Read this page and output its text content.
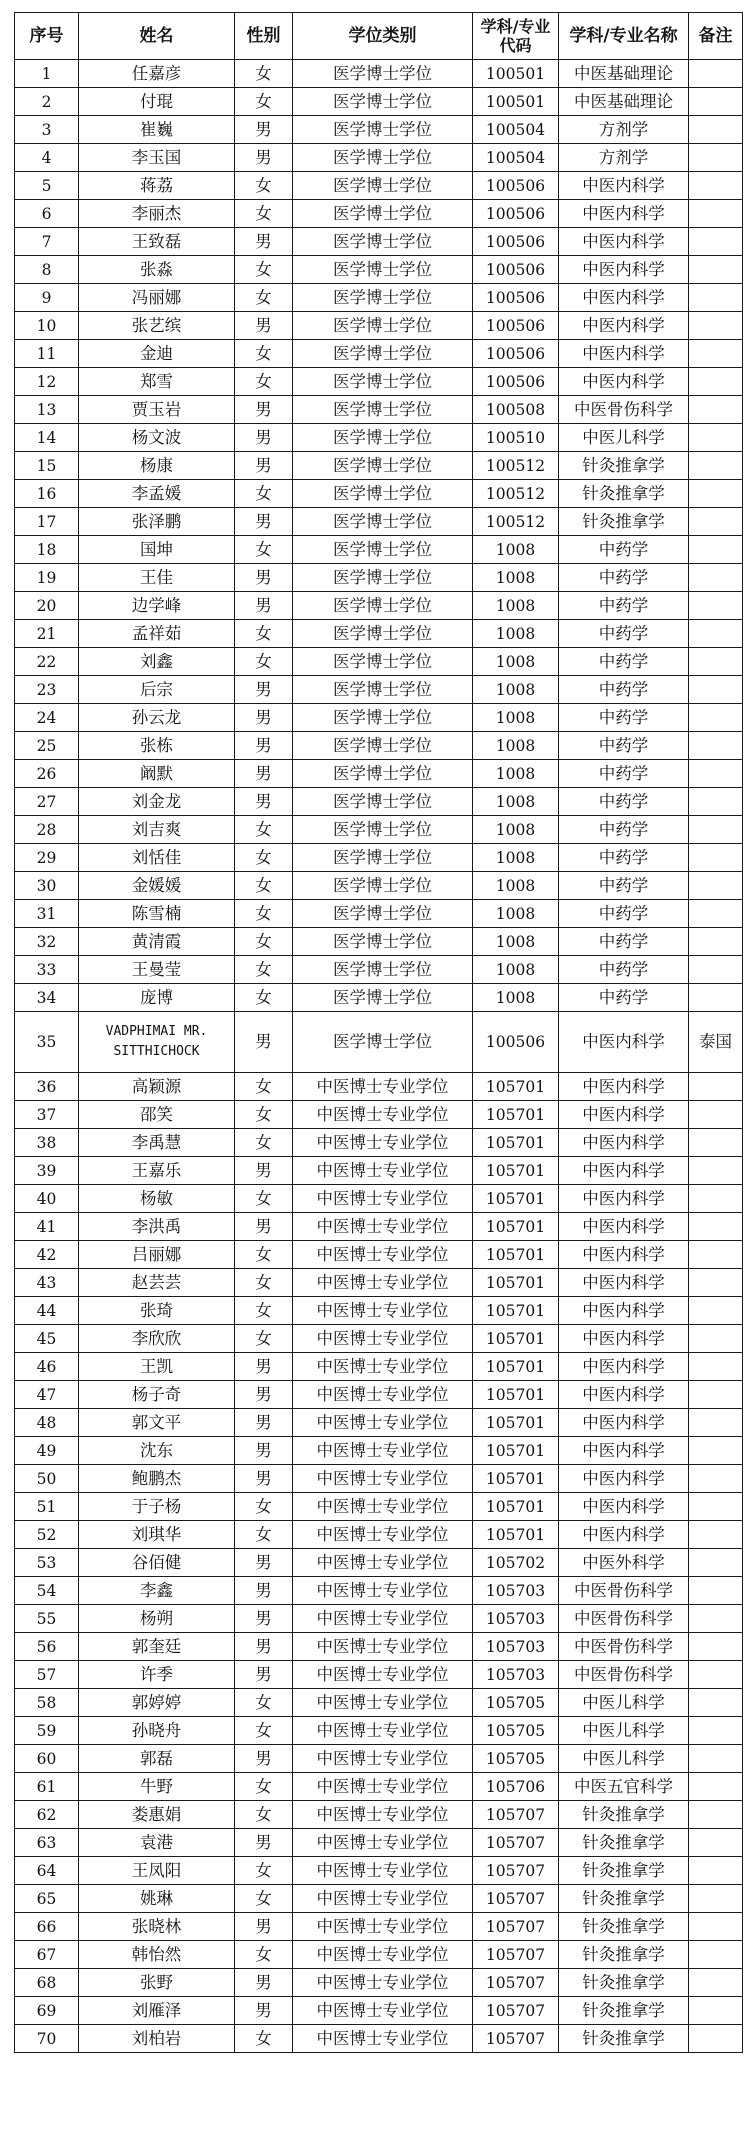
序号	姓名	性别	学位类别	学科/专业代码	学科/专业名称	备注
1	任嘉彦	女	医学博士学位	100501	中医基础理论	
2	付琨	女	医学博士学位	100501	中医基础理论	
3	崔巍	男	医学博士学位	100504	方剂学	
4	李玉国	男	医学博士学位	100504	方剂学	
5	蒋荔	女	医学博士学位	100506	中医内科学	
6	李丽杰	女	医学博士学位	100506	中医内科学	
7	王致磊	男	医学博士学位	100506	中医内科学	
8	张淼	女	医学博士学位	100506	中医内科学	
9	冯丽娜	女	医学博士学位	100506	中医内科学	
10	张艺缤	男	医学博士学位	100506	中医内科学	
11	金迪	女	医学博士学位	100506	中医内科学	
12	郑雪	女	医学博士学位	100506	中医内科学	
13	贾玉岩	男	医学博士学位	100508	中医骨伤科学	
14	杨文波	男	医学博士学位	100510	中医儿科学	
15	杨康	男	医学博士学位	100512	针灸推拿学	
16	李孟媛	女	医学博士学位	100512	针灸推拿学	
17	张泽鹏	男	医学博士学位	100512	针灸推拿学	
18	国坤	女	医学博士学位	1008	中药学	
19	王佳	男	医学博士学位	1008	中药学	
20	边学峰	男	医学博士学位	1008	中药学	
21	孟祥茹	女	医学博士学位	1008	中药学	
22	刘鑫	女	医学博士学位	1008	中药学	
23	后宗	男	医学博士学位	1008	中药学	
24	孙云龙	男	医学博士学位	1008	中药学	
25	张栋	男	医学博士学位	1008	中药学	
26	阚默	男	医学博士学位	1008	中药学	
27	刘金龙	男	医学博士学位	1008	中药学	
28	刘吉爽	女	医学博士学位	1008	中药学	
29	刘恬佳	女	医学博士学位	1008	中药学	
30	金媛媛	女	医学博士学位	1008	中药学	
31	陈雪楠	女	医学博士学位	1008	中药学	
32	黄清霞	女	医学博士学位	1008	中药学	
33	王曼莹	女	医学博士学位	1008	中药学	
34	庞博	女	医学博士学位	1008	中药学	
35	VADPHIMAI MR.
SITTHICHOCK	男	医学博士学位	100506	中医内科学	泰国
36	高颖源	女	中医博士专业学位	105701	中医内科学	
37	邵笑	女	中医博士专业学位	105701	中医内科学	
38	李禹慧	女	中医博士专业学位	105701	中医内科学	
39	王嘉乐	男	中医博士专业学位	105701	中医内科学	
40	杨敏	女	中医博士专业学位	105701	中医内科学	
41	李洪禹	男	中医博士专业学位	105701	中医内科学	
42	吕丽娜	女	中医博士专业学位	105701	中医内科学	
43	赵芸芸	女	中医博士专业学位	105701	中医内科学	
44	张琦	女	中医博士专业学位	105701	中医内科学	
45	李欣欣	女	中医博士专业学位	105701	中医内科学	
46	王凯	男	中医博士专业学位	105701	中医内科学	
47	杨子奇	男	中医博士专业学位	105701	中医内科学	
48	郭文平	男	中医博士专业学位	105701	中医内科学	
49	沈东	男	中医博士专业学位	105701	中医内科学	
50	鲍鹏杰	男	中医博士专业学位	105701	中医内科学	
51	于子杨	女	中医博士专业学位	105701	中医内科学	
52	刘琪华	女	中医博士专业学位	105701	中医内科学	
53	谷佰健	男	中医博士专业学位	105702	中医外科学	
54	李鑫	男	中医博士专业学位	105703	中医骨伤科学	
55	杨朔	男	中医博士专业学位	105703	中医骨伤科学	
56	郭奎廷	男	中医博士专业学位	105703	中医骨伤科学	
57	许季	男	中医博士专业学位	105703	中医骨伤科学	
58	郭婷婷	女	中医博士专业学位	105705	中医儿科学	
59	孙晓舟	女	中医博士专业学位	105705	中医儿科学	
60	郭磊	男	中医博士专业学位	105705	中医儿科学	
61	牛野	女	中医博士专业学位	105706	中医五官科学	
62	娄惠娟	女	中医博士专业学位	105707	针灸推拿学	
63	袁港	男	中医博士专业学位	105707	针灸推拿学	
64	王凤阳	女	中医博士专业学位	105707	针灸推拿学	
65	姚琳	女	中医博士专业学位	105707	针灸推拿学	
66	张晓林	男	中医博士专业学位	105707	针灸推拿学	
67	韩怡然	女	中医博士专业学位	105707	针灸推拿学	
68	张野	男	中医博士专业学位	105707	针灸推拿学	
69	刘雁泽	男	中医博士专业学位	105707	针灸推拿学	
70	刘柏岩	女	中医博士专业学位	105707	针灸推拿学	
